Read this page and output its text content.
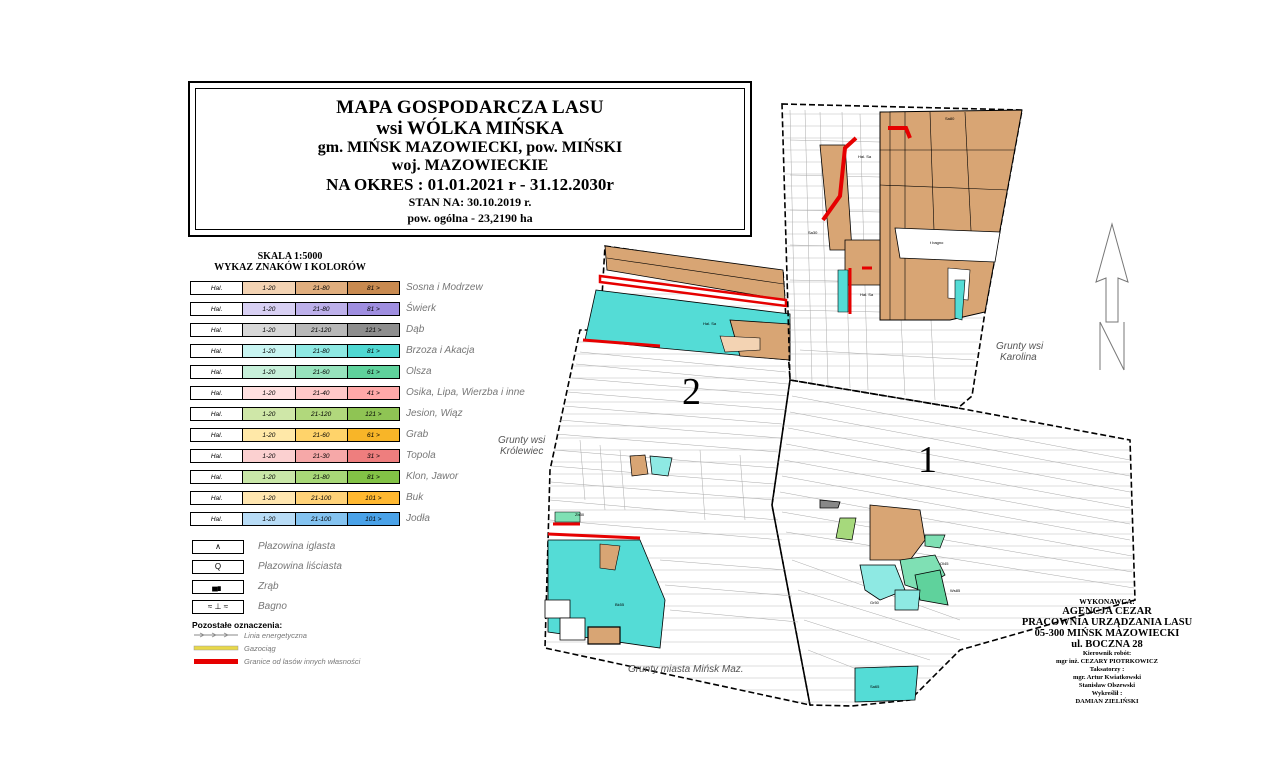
Hal. Sa
Hal. Sa
Hal. Sa
t bagno
Sa80
Sa30
Ol45
Ws85
Gr50
Bk55
Zb30
Sa65
2
1
Grunty wsi
Karolina
Grunty wsi
Królewiec
Grunty miasta Mińsk Maz.
MAPA GOSPODARCZA LASU
wsi WÓLKA MIŃSKA
gm. MIŃSK MAZOWIECKI, pow. MIŃSKI
woj. MAZOWIECKIE
NA OKRES : 01.01.2021 r - 31.12.2030r
STAN NA: 30.10.2019 r.
pow. ogólna - 23,2190 ha
SKALA 1:5000
WYKAZ ZNAKÓW I KOLORÓW
Hal.	1-20	21-80	81 >	Sosna i Modrzew
Hal.	1-20	21-80	81 >	Świerk
Hal.	1-20	21-120	121 >	Dąb
Hal.	1-20	21-80	81 >	Brzoza i Akacja
Hal.	1-20	21-60	61 >	Olsza
Hal.	1-20	21-40	41 >	Osika, Lipa, Wierzba i inne
Hal.	1-20	21-120	121 >	Jesion, Wiąz
Hal.	1-20	21-60	61 >	Grab
Hal.	1-20	21-30	31 >	Topola
Hal.	1-20	21-80	81 >	Klon, Jawor
Hal.	1-20	21-100	101 >	Buk
Hal.	1-20	21-100	101 >	Jodła
∧	Płazowina iglasta
Q	Płazowina liściasta
▄▖	Zrąb
≈ ⊥ ≈	Bagno
Pozostałe oznaczenia:
Linia energetyczna
Gazociąg
Granice od lasów innych własności
WYKONAWCA:
AGENCJA CEZAR
PRACOWNIA URZĄDZANIA LASU
05-300 MIŃSK MAZOWIECKI
ul. BOCZNA 28
Kierownik robót:
mgr inż. CEZARY PIOTRKOWICZ
Taksatorzy :
mgr. Artur Kwiatkowski
Stanisław Olszewski
Wykreślił :
DAMIAN ZIELIŃSKI
